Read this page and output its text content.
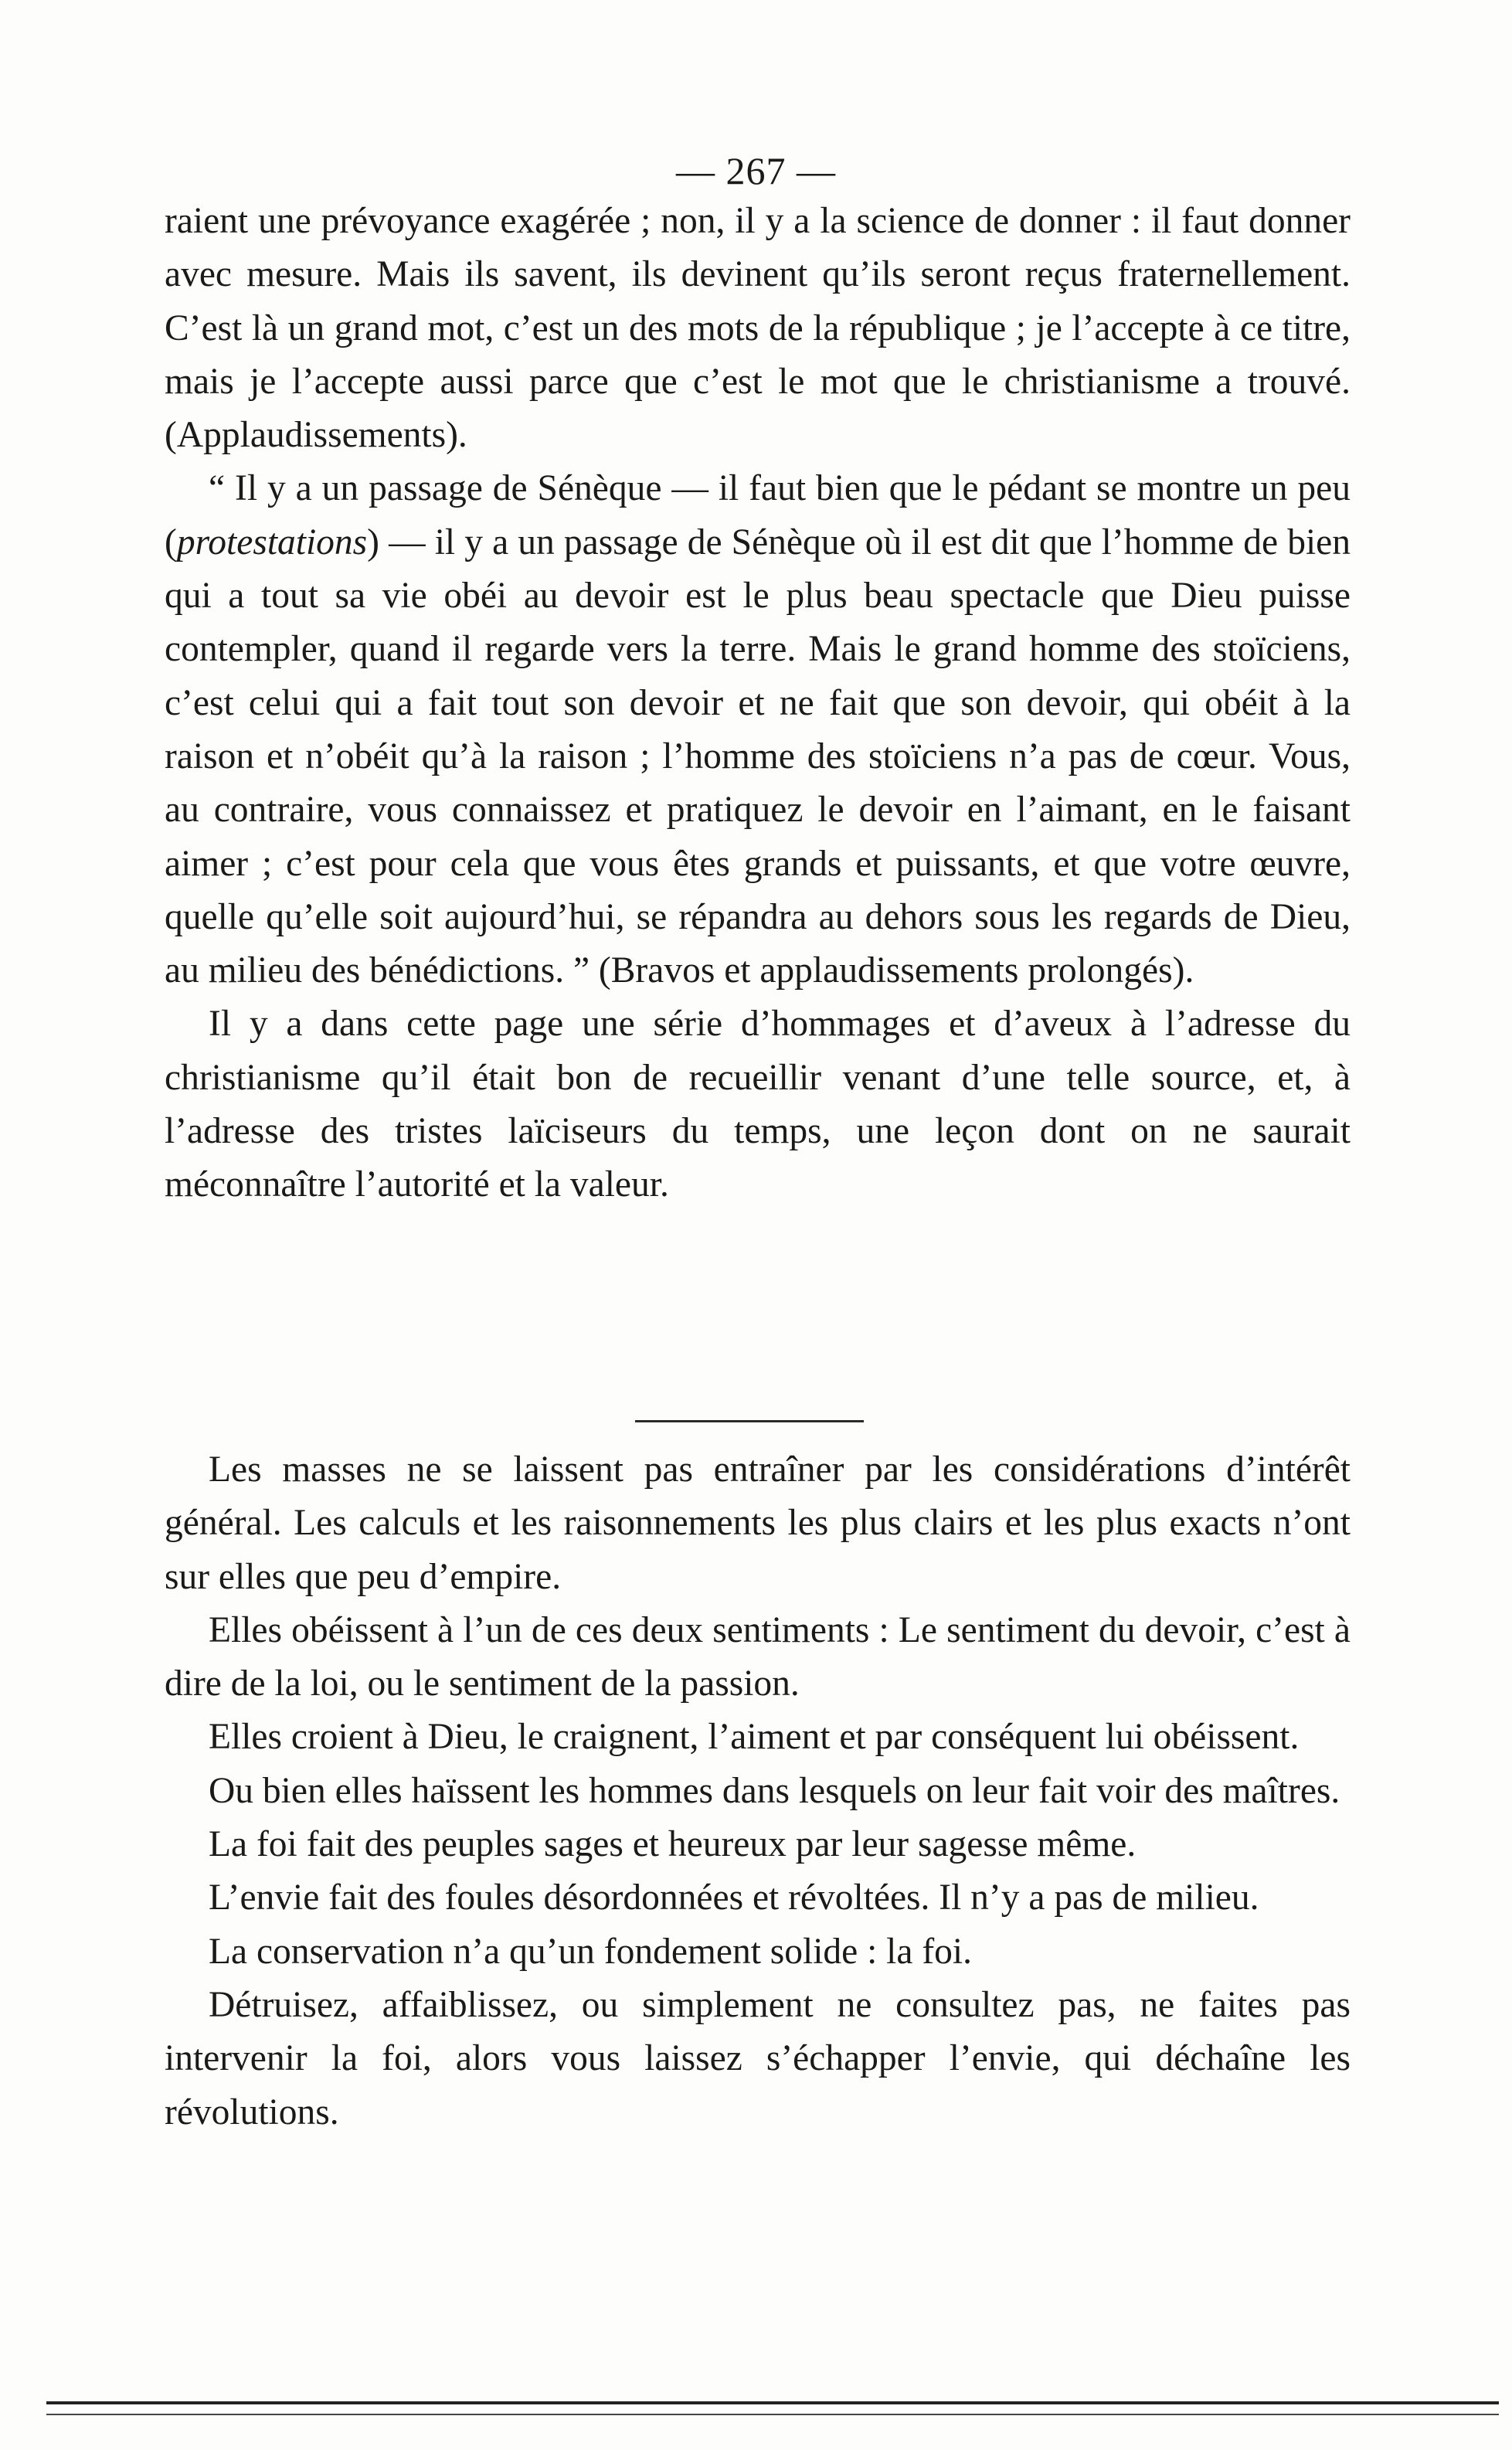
— 267 —

raient une prévoyance exagérée ; non, il y a la science de donner : il faut donner avec mesure. Mais ils savent, ils devinent qu’ils seront reçus fraternellement. C’est là un grand mot, c’est un des mots de la république ; je l’accepte à ce titre, mais je l’accepte aussi parce que c’est le mot que le christianisme a trouvé. (Applaudissements).

“ Il y a un passage de Sénèque — il faut bien que le pédant se montre un peu (protestations) — il y a un passage de Sénèque où il est dit que l’homme de bien qui a tout sa vie obéi au devoir est le plus beau spectacle que Dieu puisse contempler, quand il regarde vers la terre. Mais le grand homme des stoïciens, c’est celui qui a fait tout son devoir et ne fait que son devoir, qui obéit à la raison et n’obéit qu’à la raison ; l’homme des stoïciens n’a pas de cœur. Vous, au contraire, vous connaissez et pratiquez le devoir en l’aimant, en le faisant aimer ; c’est pour cela que vous êtes grands et puissants, et que votre œuvre, quelle qu’elle soit aujourd’hui, se répandra au dehors sous les regards de Dieu, au milieu des bénédictions. ” (Bravos et applaudissements prolongés).

Il y a dans cette page une série d’hommages et d’aveux à l’adresse du christianisme qu’il était bon de recueillir venant d’une telle source, et, à l’adresse des tristes laïciseurs du temps, une leçon dont on ne saurait méconnaître l’autorité et la valeur.

Les masses ne se laissent pas entraîner par les considérations d’intérêt général. Les calculs et les raisonnements les plus clairs et les plus exacts n’ont sur elles que peu d’empire.

Elles obéissent à l’un de ces deux sentiments : Le sentiment du devoir, c’est à dire de la loi, ou le sentiment de la passion.

Elles croient à Dieu, le craignent, l’aiment et par conséquent lui obéissent.

Ou bien elles haïssent les hommes dans lesquels on leur fait voir des maîtres.

La foi fait des peuples sages et heureux par leur sagesse même.

L’envie fait des foules désordonnées et révoltées. Il n’y a pas de milieu.

La conservation n’a qu’un fondement solide : la foi.

Détruisez, affaiblissez, ou simplement ne consultez pas, ne faites pas intervenir la foi, alors vous laissez s’échapper l’envie, qui déchaîne les révolutions.
